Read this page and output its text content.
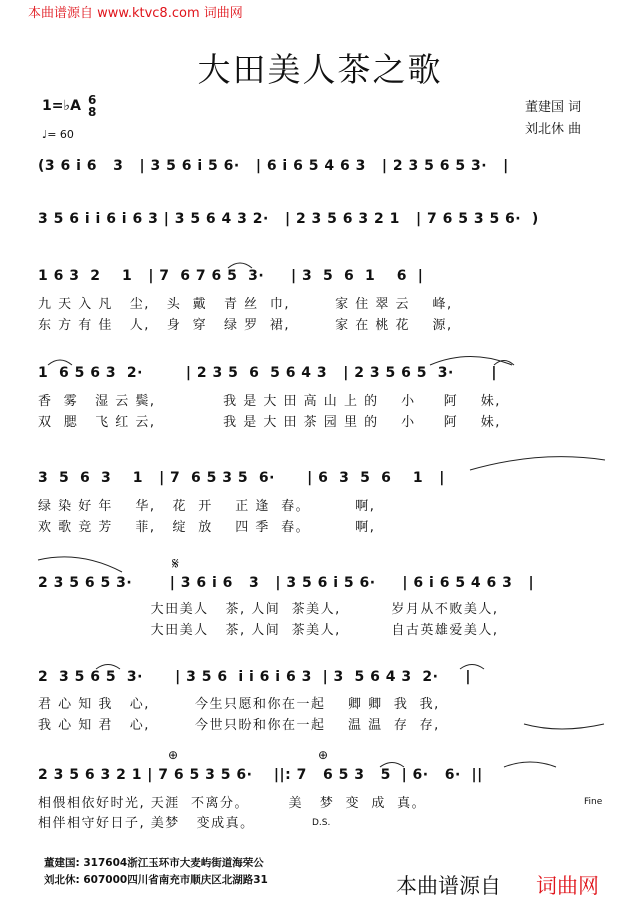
本曲谱源自 www.ktvc8.com 词曲网
大田美人茶之歌
1=♭A 6
8
♩= 60
董建国 词
刘北休 曲
(3 6 i 6   3   | 3 5 6 i 5 6·   | 6 i 6 5 4 6 3   | 2 3 5 6 5 3·   |
3 5 6 i i 6 i 6 3 | 3 5 6 4 3 2·   | 2 3 5 6 3 2 1   | 7 6 5 3 5 6·  )
1 6 3  2    1   | 7  6 7 6 5  3·     | 3  5  6  1    6  |
九 天 入 凡   尘,   头  戴   青 丝  巾,        家 住 翠 云    峰,
东 方 有 佳   人,   身  穿   绿 罗  裙,        家 在 桃 花    源,
1  6 5 6 3  2·        | 2 3 5  6  5 6 4 3   | 2 3 5 6 5  3·       |
香  雾   湿 云 鬓,            我 是 大 田 高 山 上 的    小     阿    妹,
双  腮   飞 红 云,            我 是 大 田 茶 园 里 的    小     阿    妹,
3  5  6  3    1   | 7  6 5 3 5  6·      | 6  3  5  6    1   |
绿 染 好 年    华,   花  开    正 逢  春。        啊,
欢 歌 竞 芳    菲,   绽  放    四 季  春。        啊,
𝄋
2 3 5 6 5 3·       | 3 6 i 6   3   | 3 5 6 i 5 6·     | 6 i 6 5 4 6 3   |
大田美人   茶, 人间  茶美人,         岁月从不败美人,
大田美人   茶, 人间  茶美人,         自古英雄爱美人,
2  3 5 6 5  3·      | 3 5 6  i i 6 i 6 3  | 3  5 6 4 3  2·     |
君 心 知 我   心,        今生只愿和你在一起    卿 卿  我  我,
我 心 知 君   心,        今世只盼和你在一起    温 温  存  存,
⊕	⊕
2 3 5 6 3 2 1 | 7 6 5 3 5 6·    ||: 7   6 5 3   5  | 6·   6·  ||
相偎相依好时光, 天涯  不离分。       美   梦  变  成  真。
相伴相守好日子, 美梦   变成真。
Fine
D.S.
董建国: 317604浙江玉环市大麦屿街道海荣公
刘北休: 607000四川省南充市顺庆区北湖路31	本曲谱源自 词曲网
